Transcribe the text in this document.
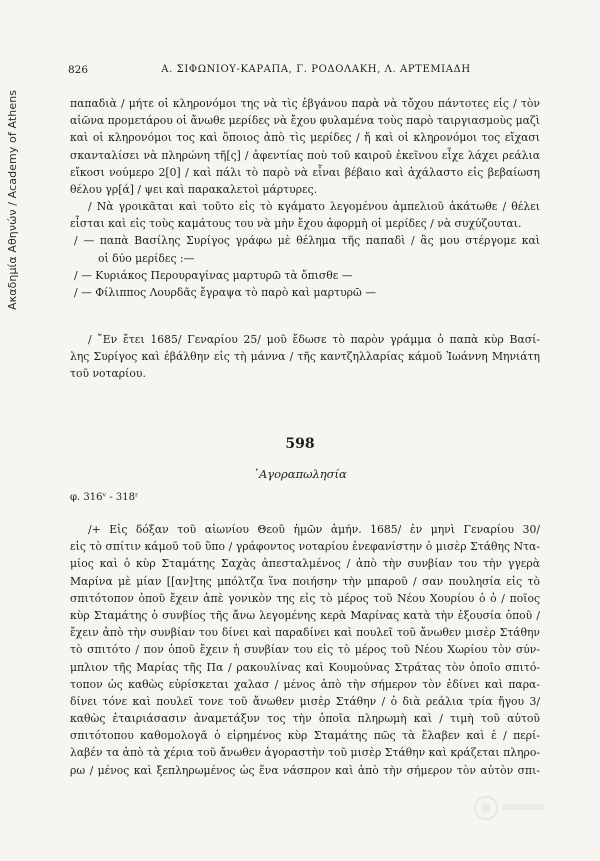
Ακαδημία Αθηνών / Academy of Athens
826	Α. ΣΙΦΩΝΙΟΥ-ΚΑΡΑΠΑ, Γ. ΡΟΔΟΛΑΚΗ, Λ. ΑΡΤΕΜΙΑΔΗ
παπαδιὰ / μήτε οἱ κληρονόμοι της νὰ τὶς ἐβγάνου παρὰ νὰ τὄχου πάντοτες εἰς / τὸν
αἰῶνα προμετάρου οἱ ἄνωθε μερίδες νὰ ἔχου φυλαμένα τοὺς παρὸ ταιργιασμοὺς μαζὶ
καὶ οἱ κληρονόμοι τος καὶ ὅποιος ἀπὸ τὶς μερίδες / ἤ καὶ οἱ κληρονόμοι τος εἴχασι
σκανταλίσει νὰ πληρώνη τῆ[ς] / ἀφεντίας ποὺ τοῦ καιροῦ ἐκεῖνου εἶχε λάχει ρεάλια
εἴκοσι νούμερο 2[0] / καὶ πάλι τὸ παρὸ νὰ εἶναι βέβαιο καὶ ἀχάλαστο εἰς βεβαίωση
θέλου γρ[ά] / ψει καὶ παρακαλετοὶ μάρτυρες.
/ Νὰ γροικᾶται καὶ τοῦτο εἰς τὸ κγάματο λεγομένου ἀμπελιοῦ ἀκάτωθε / θέλει
εἶσται καὶ εἰς τοὺς καμάτους του νὰ μὴν ἔχου ἀφορμὴ οἱ μερίδες / νὰ συχύζουται.
/ — παπὰ Βασίλης Συρίγος γράφω μὲ θέλημα τῆς παπαδὶ / ἂς μου στέργομε καὶ
οἱ δύο μερίδες :—
/ — Κυριάκος Περουραγίνας μαρτυρῶ τὰ ὄπισθε —
/ — Φίλιππος Λουρδᾶς ἔγραψα τὸ παρὸ καὶ μαρτυρῶ —
/ ῎Εν ἔτει 1685/ Γεναρίου 25/ μοῦ ἔδωσε τὸ παρὸν γράμμα ὁ παπὰ κὺρ Βασί-
λης Συρίγος καὶ ἐβάλθην εἰς τὴ μάννα / τῆς καντζηλλαρίας κάμοῦ Ἰωάννη Μηνιάτη
τοῦ νοταρίου.
598
᾽Αγοραπωλησία
φ. 316ᵛ - 318ʳ
/+ Εἰς δόξαν τοῦ αἰωνίου Θεοῦ ἡμῶν ἀμήν. 1685/ ἐν μηνὶ Γεναρίου 30/
εἰς τὸ σπίτιν κάμοῦ τοῦ ὕπο / γράφοντος νοταρίου ἐνεφανίστην ὁ μισὲρ Στάθης Ντα-
μίος καὶ ὁ κὺρ Σταμάτης Σαχὰς ἀπεσταλμένος / ἀπὸ τὴν συνβίαν του τὴν γγερὰ
Μαρίνα μὲ μίαν [[αν]της μπόλτζα ἵνα ποιήσην τὴν μπαροῦ / σαν πουλησία εἰς τὸ
σπιτότοπον ὁποῦ ἔχειν ἀπὲ γονικὸν της εἰς τὸ μέρος τοῦ Νέου Χουρίου ὁ ὁ / ποῖος
κὺρ Σταμάτης ὁ συνβίος τῆς ἄνω λεγομένης κερὰ Μαρίνας κατὰ τὴν ἐξουσία ὁποῦ /
ἔχειν ἀπὸ τὴν συνβίαν του δίνει καὶ παραδίνει καὶ πουλεῖ τοῦ ἄνωθεν μισὲρ Στάθην
τὸ σπιτότο / πον ὁποῦ ἔχειν ἡ συνβίαν του εἰς τὸ μέρος τοῦ Νέου Χωρίου τὸν σύν-
μπλιον τῆς Μαρίας τῆς Πα / ρακουλίνας καὶ Κουμούνας Στράτας τὸν ὁποῖο σπιτό-
τοπον ὡς καθὼς εὑρίσκεται χαλασ / μένος ἀπὸ τὴν σήμερον τὸν ἐδίνει καὶ παρα-
δίνει τόνε καὶ πουλεῖ τονε τοῦ ἄνωθεν μισὲρ Στάθην / ὁ διὰ ρεάλια τρία ἤγου 3/
καθὼς ἐταιριάσασιν ἀναμετάξυν τος τὴν ὁποῖα πληρωμὴ καὶ / τιμὴ τοῦ αὐτοῦ
σπιτότοπου καθομολογᾶ ὁ εἰρημένος κὺρ Σταμάτης πῶς τὰ ἔλαβεν καὶ ἐ / περί-
λαβέν τα ἀπὸ τὰ χέρια τοῦ ἄνωθεν ἀγοραστὴν τοῦ μισὲρ Στάθην καὶ κράζεται πληρο-
ρω / μένος καὶ ξεπληρωμένος ὡς ἕνα νάσπρον καὶ ἀπὸ τὴν σήμερον τὸν αὐτὸν σπι-
